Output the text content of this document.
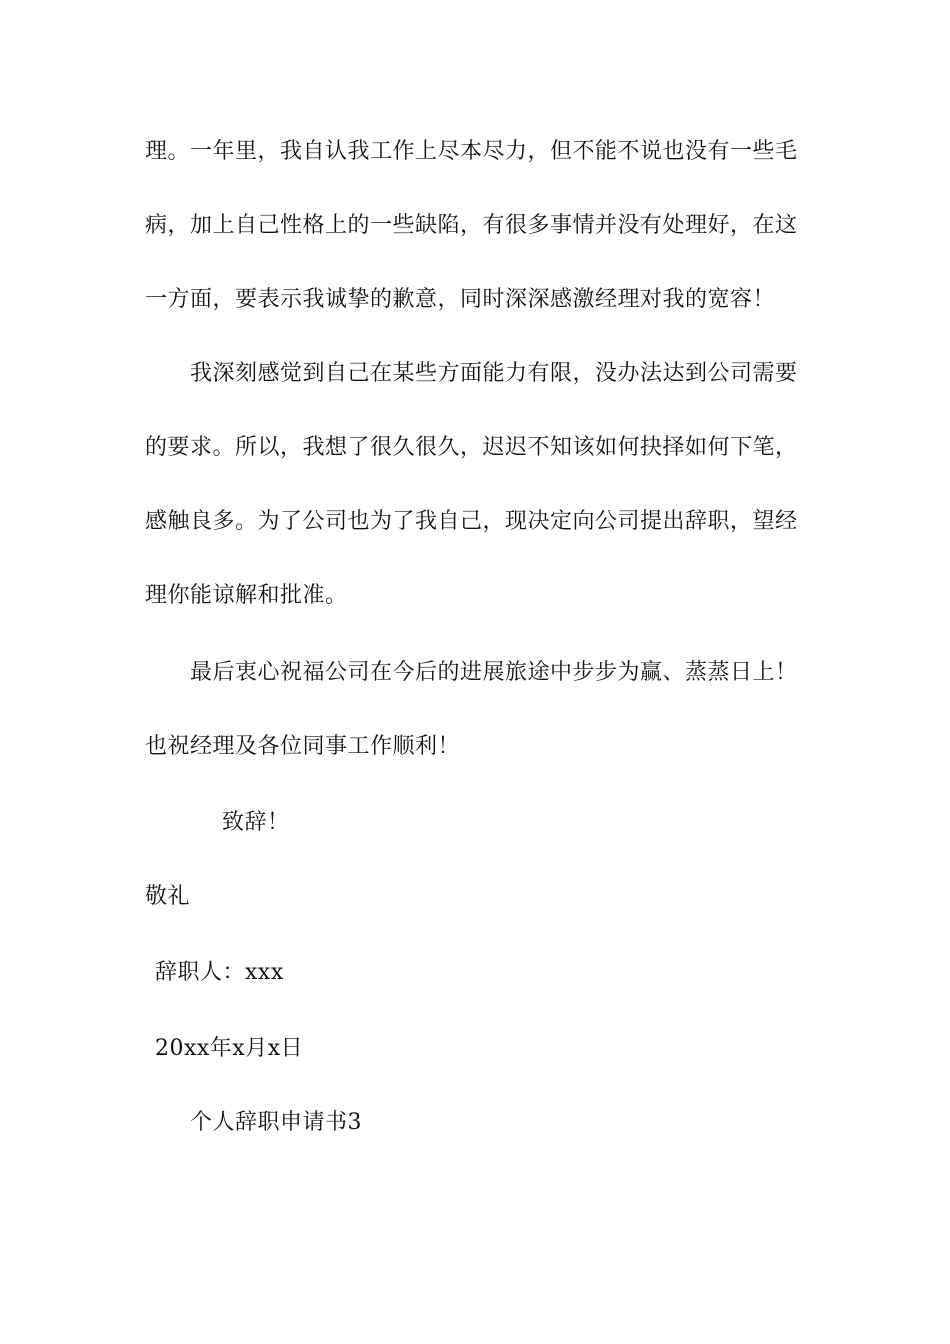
理。一年里，我自认我工作上尽本尽力，但不能不说也没有一些毛
病，加上自己性格上的一些缺陷，有很多事情并没有处理好，在这
一方面，要表示我诚挚的歉意，同时深深感激经理对我的宽容！
我深刻感觉到自己在某些方面能力有限，没办法达到公司需要
的要求。所以，我想了很久很久，迟迟不知该如何抉择如何下笔，
感触良多。为了公司也为了我自己，现决定向公司提出辞职，望经
理你能谅解和批准。
最后衷心祝福公司在今后的进展旅途中步步为赢、蒸蒸日上！
也祝经理及各位同事工作顺利！
致辞！
敬礼
辞职人：xxx
20xx年x月x日
个人辞职申请书3
